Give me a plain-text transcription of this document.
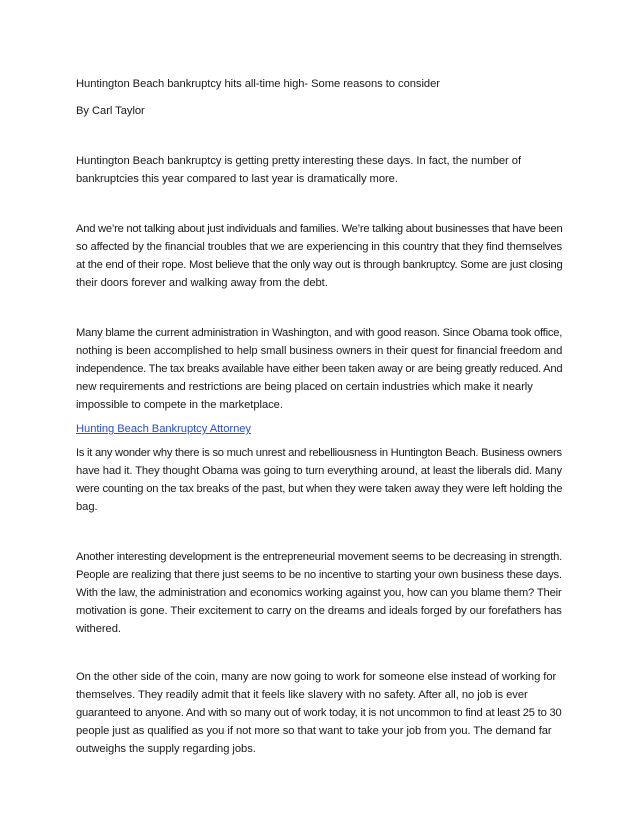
Huntington Beach bankruptcy hits all-time high- Some reasons to consider

By Carl Taylor

Huntington Beach bankruptcy is getting pretty interesting these days. In fact, the number of

bankruptcies this year compared to last year is dramatically more.

And we’re not talking about just individuals and families. We’re talking about businesses that have been

so affected by the financial troubles that we are experiencing in this country that they find themselves

at the end of their rope. Most believe that the only way out is through bankruptcy. Some are just closing

their doors forever and walking away from the debt.

Many blame the current administration in Washington, and with good reason. Since Obama took office,

nothing is been accomplished to help small business owners in their quest for financial freedom and

independence. The tax breaks available have either been taken away or are being greatly reduced. And

new requirements and restrictions are being placed on certain industries which make it nearly

impossible to compete in the marketplace.

Hunting Beach Bankruptcy Attorney

Is it any wonder why there is so much unrest and rebelliousness in Huntington Beach. Business owners

have had it. They thought Obama was going to turn everything around, at least the liberals did. Many

were counting on the tax breaks of the past, but when they were taken away they were left holding the

bag.

Another interesting development is the entrepreneurial movement seems to be decreasing in strength.

People are realizing that there just seems to be no incentive to starting your own business these days.

With the law, the administration and economics working against you, how can you blame them? Their

motivation is gone. Their excitement to carry on the dreams and ideals forged by our forefathers has

withered.

On the other side of the coin, many are now going to work for someone else instead of working for

themselves. They readily admit that it feels like slavery with no safety. After all, no job is ever

guaranteed to anyone. And with so many out of work today, it is not uncommon to find at least 25 to 30

people just as qualified as you if not more so that want to take your job from you. The demand far

outweighs the supply regarding jobs.
